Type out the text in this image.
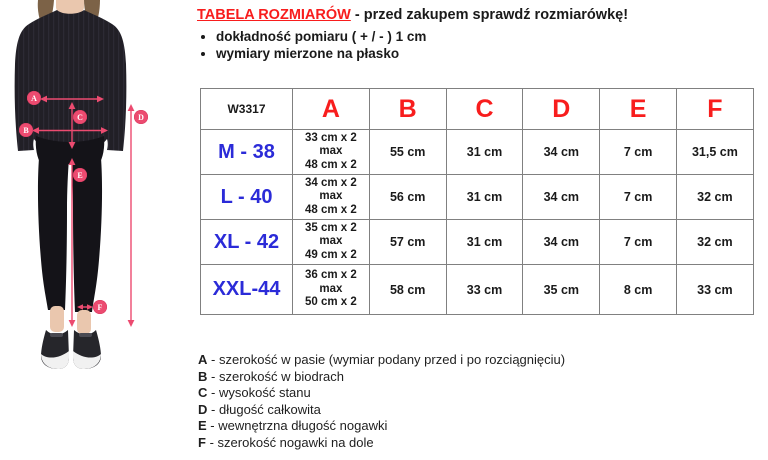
A
B
C	D
E
F
TABELA ROZMIARÓW - przed zakupem sprawdź rozmiarówkę!
• dokładność pomiaru ( + / - ) 1 cm
• wymiary mierzone na płasko
W3317	A	B	C	D	E	F
M - 38	33 cm x 2
max
48 cm x 2	55 cm	31 cm	34 cm	7 cm	31,5 cm
L - 40	34 cm x 2
max
48 cm x 2	56 cm	31 cm	34 cm	7 cm	32 cm
XL - 42	35 cm x 2
max
49 cm x 2	57 cm	31 cm	34 cm	7 cm	32 cm
XXL-44	36 cm x 2
max
50 cm x 2	58 cm	33 cm	35 cm	8 cm	33 cm
A - szerokość w pasie (wymiar podany przed i po rozciągnięciu)
B - szerokość w biodrach
C - wysokość stanu
D - długość całkowita
E - wewnętrzna długość nogawki
F - szerokość nogawki na dole
